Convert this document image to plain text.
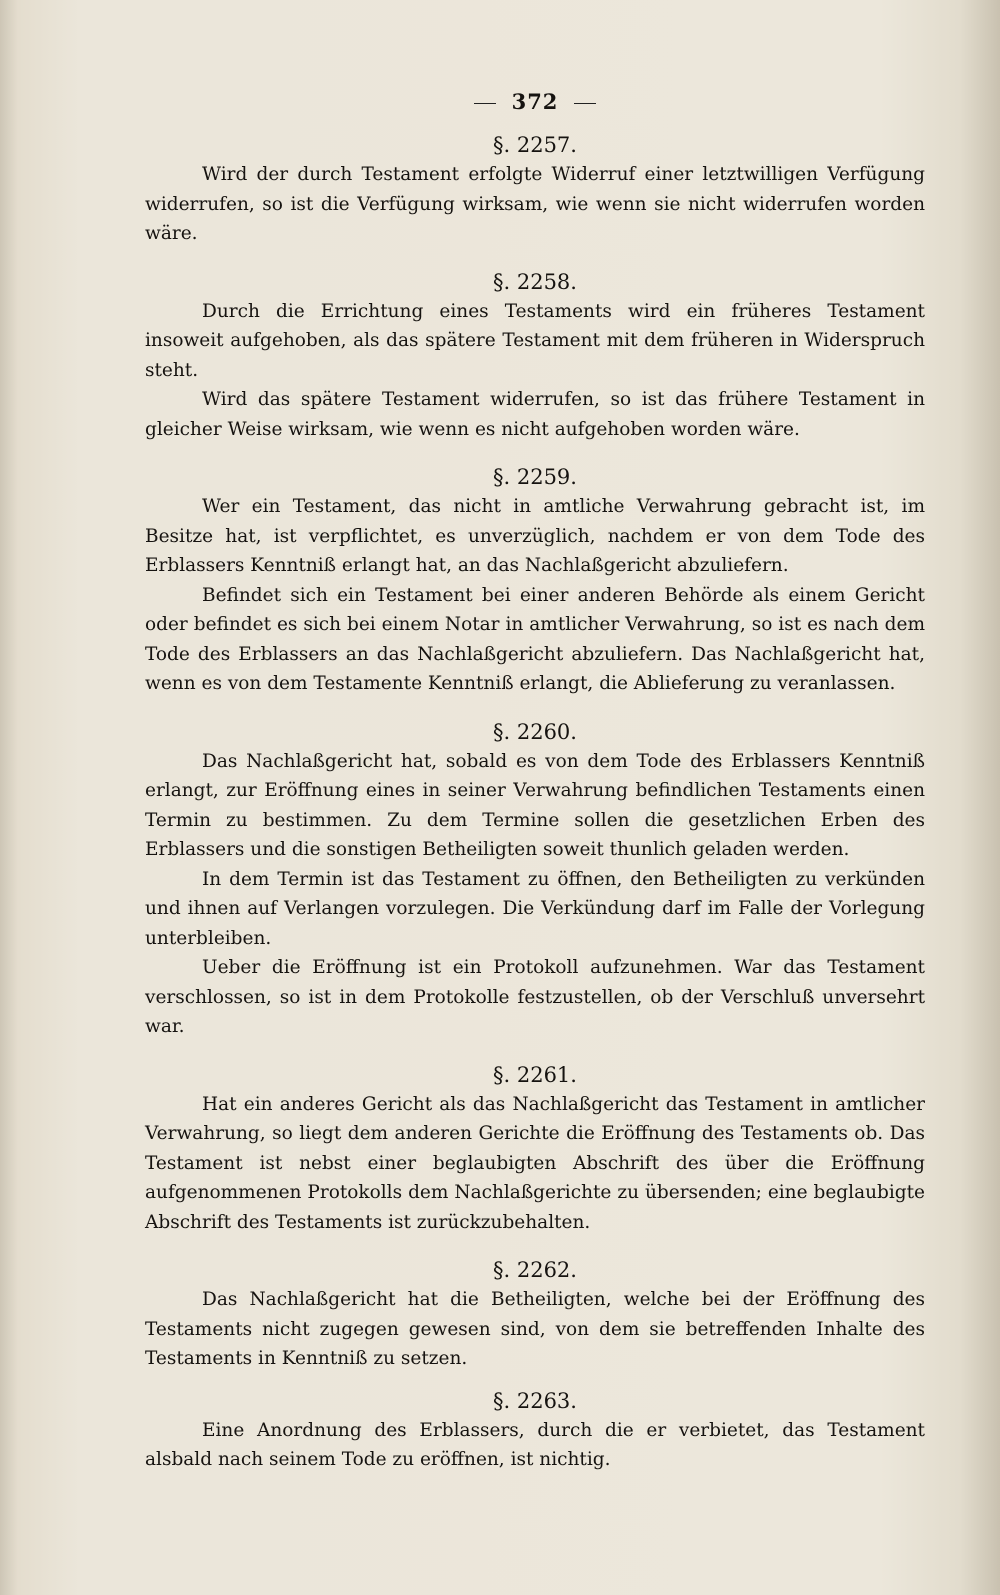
372

§. 2257.

Wird der durch Testament erfolgte Widerruf einer letztwilligen Verfügung widerrufen, so ist die Verfügung wirksam, wie wenn sie nicht widerrufen worden wäre.

§. 2258.

Durch die Errichtung eines Testaments wird ein früheres Testament insoweit aufgehoben, als das spätere Testament mit dem früheren in Widerspruch steht.

Wird das spätere Testament widerrufen, so ist das frühere Testament in gleicher Weise wirksam, wie wenn es nicht aufgehoben worden wäre.

§. 2259.

Wer ein Testament, das nicht in amtliche Verwahrung gebracht ist, im Besitze hat, ist verpflichtet, es unverzüglich, nachdem er von dem Tode des Erblassers Kenntniß erlangt hat, an das Nachlaßgericht abzuliefern.

Befindet sich ein Testament bei einer anderen Behörde als einem Gericht oder befindet es sich bei einem Notar in amtlicher Verwahrung, so ist es nach dem Tode des Erblassers an das Nachlaßgericht abzuliefern. Das Nachlaßgericht hat, wenn es von dem Testamente Kenntniß erlangt, die Ablieferung zu veranlassen.

§. 2260.

Das Nachlaßgericht hat, sobald es von dem Tode des Erblassers Kenntniß erlangt, zur Eröffnung eines in seiner Verwahrung befindlichen Testaments einen Termin zu bestimmen. Zu dem Termine sollen die gesetzlichen Erben des Erblassers und die sonstigen Betheiligten soweit thunlich geladen werden.

In dem Termin ist das Testament zu öffnen, den Betheiligten zu verkünden und ihnen auf Verlangen vorzulegen. Die Verkündung darf im Falle der Vorlegung unterbleiben.

Ueber die Eröffnung ist ein Protokoll aufzunehmen. War das Testament verschlossen, so ist in dem Protokolle festzustellen, ob der Verschluß unversehrt war.

§. 2261.

Hat ein anderes Gericht als das Nachlaßgericht das Testament in amtlicher Verwahrung, so liegt dem anderen Gerichte die Eröffnung des Testaments ob. Das Testament ist nebst einer beglaubigten Abschrift des über die Eröffnung aufgenommenen Protokolls dem Nachlaßgerichte zu übersenden; eine beglaubigte Abschrift des Testaments ist zurückzubehalten.

§. 2262.

Das Nachlaßgericht hat die Betheiligten, welche bei der Eröffnung des Testaments nicht zugegen gewesen sind, von dem sie betreffenden Inhalte des Testaments in Kenntniß zu setzen.

§. 2263.

Eine Anordnung des Erblassers, durch die er verbietet, das Testament alsbald nach seinem Tode zu eröffnen, ist nichtig.
